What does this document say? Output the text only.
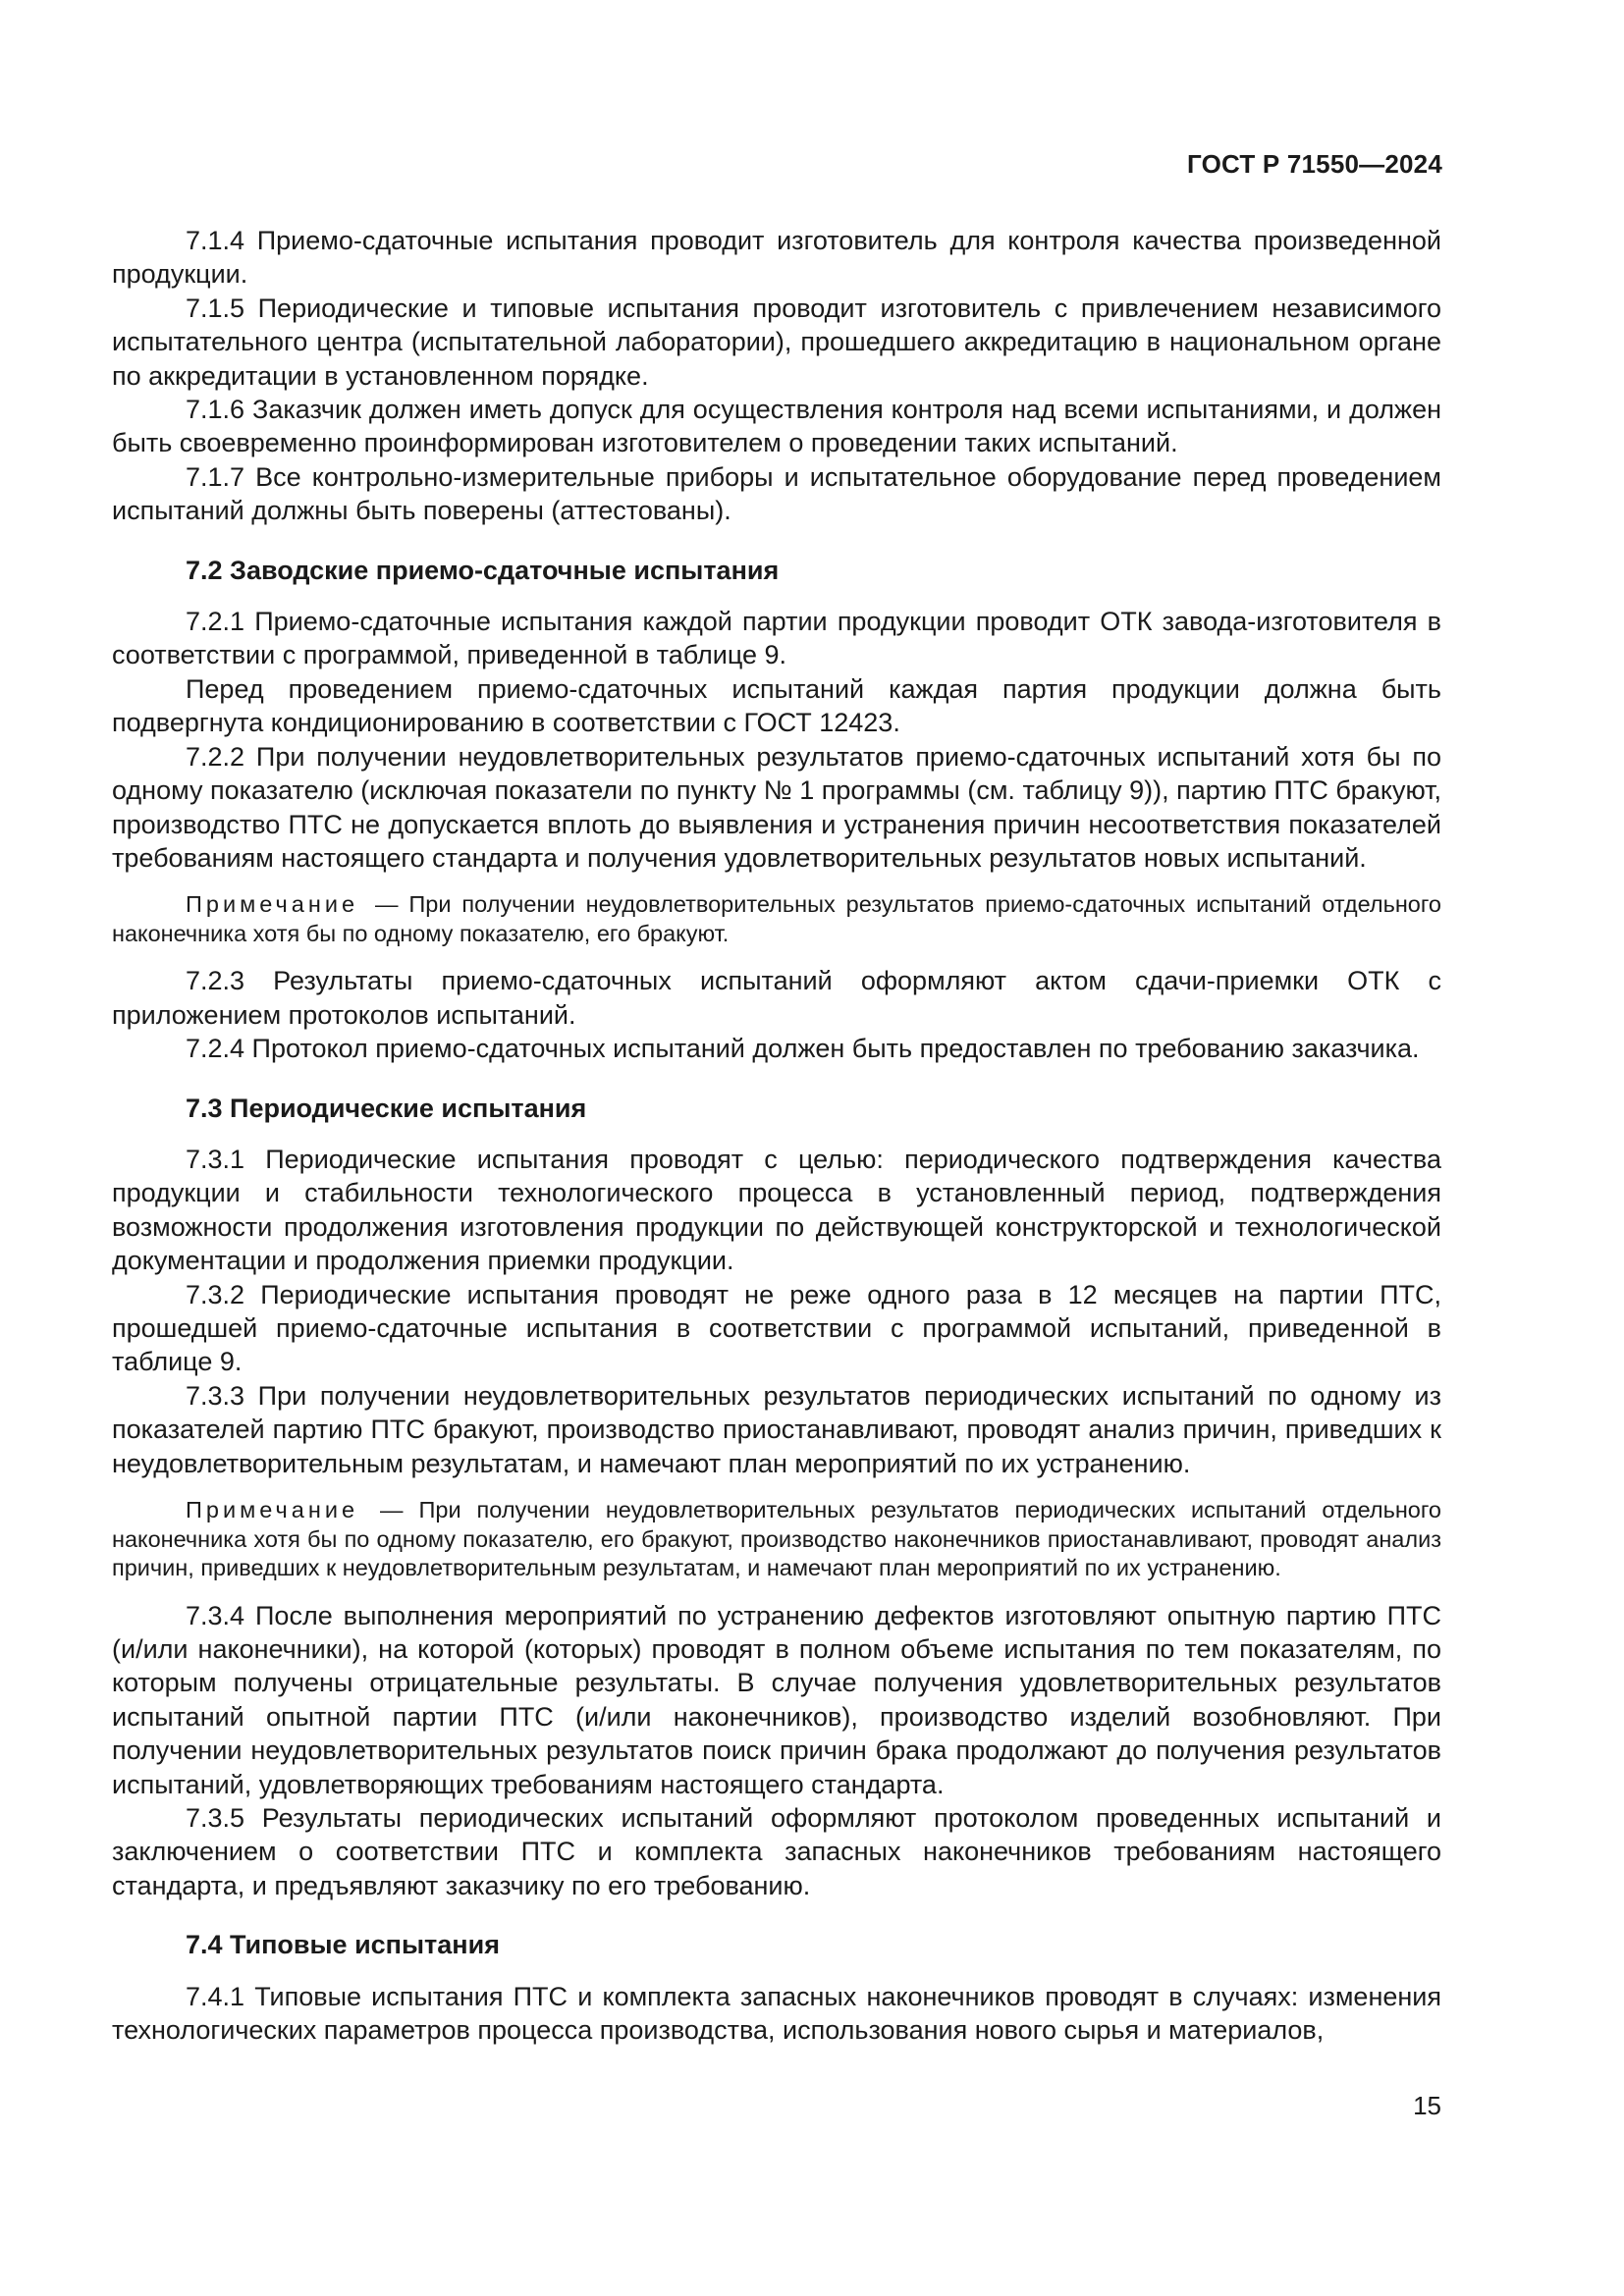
ГОСТ Р 71550—2024

7.1.4 Приемо-сдаточные испытания проводит изготовитель для контроля качества произведенной продукции.

7.1.5 Периодические и типовые испытания проводит изготовитель с привлечением независимого испытательного центра (испытательной лаборатории), прошедшего аккредитацию в национальном органе по аккредитации в установленном порядке.

7.1.6 Заказчик должен иметь допуск для осуществления контроля над всеми испытаниями, и должен быть своевременно проинформирован изготовителем о проведении таких испытаний.

7.1.7 Все контрольно-измерительные приборы и испытательное оборудование перед проведением испытаний должны быть поверены (аттестованы).

7.2 Заводские приемо-сдаточные испытания

7.2.1 Приемо-сдаточные испытания каждой партии продукции проводит ОТК завода-изготовителя в соответствии с программой, приведенной в таблице 9.

Перед проведением приемо-сдаточных испытаний каждая партия продукции должна быть подвергнута кондиционированию в соответствии с ГОСТ 12423.

7.2.2 При получении неудовлетворительных результатов приемо-сдаточных испытаний хотя бы по одному показателю (исключая показатели по пункту № 1 программы (см. таблицу 9)), партию ПТС бракуют, производство ПТС не допускается вплоть до выявления и устранения причин несоответствия показателей требованиям настоящего стандарта и получения удовлетворительных результатов новых испытаний.

Примечание — При получении неудовлетворительных результатов приемо-сдаточных испытаний отдельного наконечника хотя бы по одному показателю, его бракуют.

7.2.3 Результаты приемо-сдаточных испытаний оформляют актом сдачи-приемки ОТК с приложением протоколов испытаний.

7.2.4 Протокол приемо-сдаточных испытаний должен быть предоставлен по требованию заказчика.

7.3 Периодические испытания

7.3.1 Периодические испытания проводят с целью: периодического подтверждения качества продукции и стабильности технологического процесса в установленный период, подтверждения возможности продолжения изготовления продукции по действующей конструкторской и технологической документации и продолжения приемки продукции.

7.3.2 Периодические испытания проводят не реже одного раза в 12 месяцев на партии ПТС, прошедшей приемо-сдаточные испытания в соответствии с программой испытаний, приведенной в таблице 9.

7.3.3 При получении неудовлетворительных результатов периодических испытаний по одному из показателей партию ПТС бракуют, производство приостанавливают, проводят анализ причин, приведших к неудовлетворительным результатам, и намечают план мероприятий по их устранению.

Примечание — При получении неудовлетворительных результатов периодических испытаний отдельного наконечника хотя бы по одному показателю, его бракуют, производство наконечников приостанавливают, проводят анализ причин, приведших к неудовлетворительным результатам, и намечают план мероприятий по их устранению.

7.3.4 После выполнения мероприятий по устранению дефектов изготовляют опытную партию ПТС (и/или наконечники), на которой (которых) проводят в полном объеме испытания по тем показателям, по которым получены отрицательные результаты. В случае получения удовлетворительных результатов испытаний опытной партии ПТС (и/или наконечников), производство изделий возобновляют. При получении неудовлетворительных результатов поиск причин брака продолжают до получения результатов испытаний, удовлетворяющих требованиям настоящего стандарта.

7.3.5 Результаты периодических испытаний оформляют протоколом проведенных испытаний и заключением о соответствии ПТС и комплекта запасных наконечников требованиям настоящего стандарта, и предъявляют заказчику по его требованию.

7.4 Типовые испытания

7.4.1 Типовые испытания ПТС и комплекта запасных наконечников проводят в случаях: изменения технологических параметров процесса производства, использования нового сырья и материалов,

15
